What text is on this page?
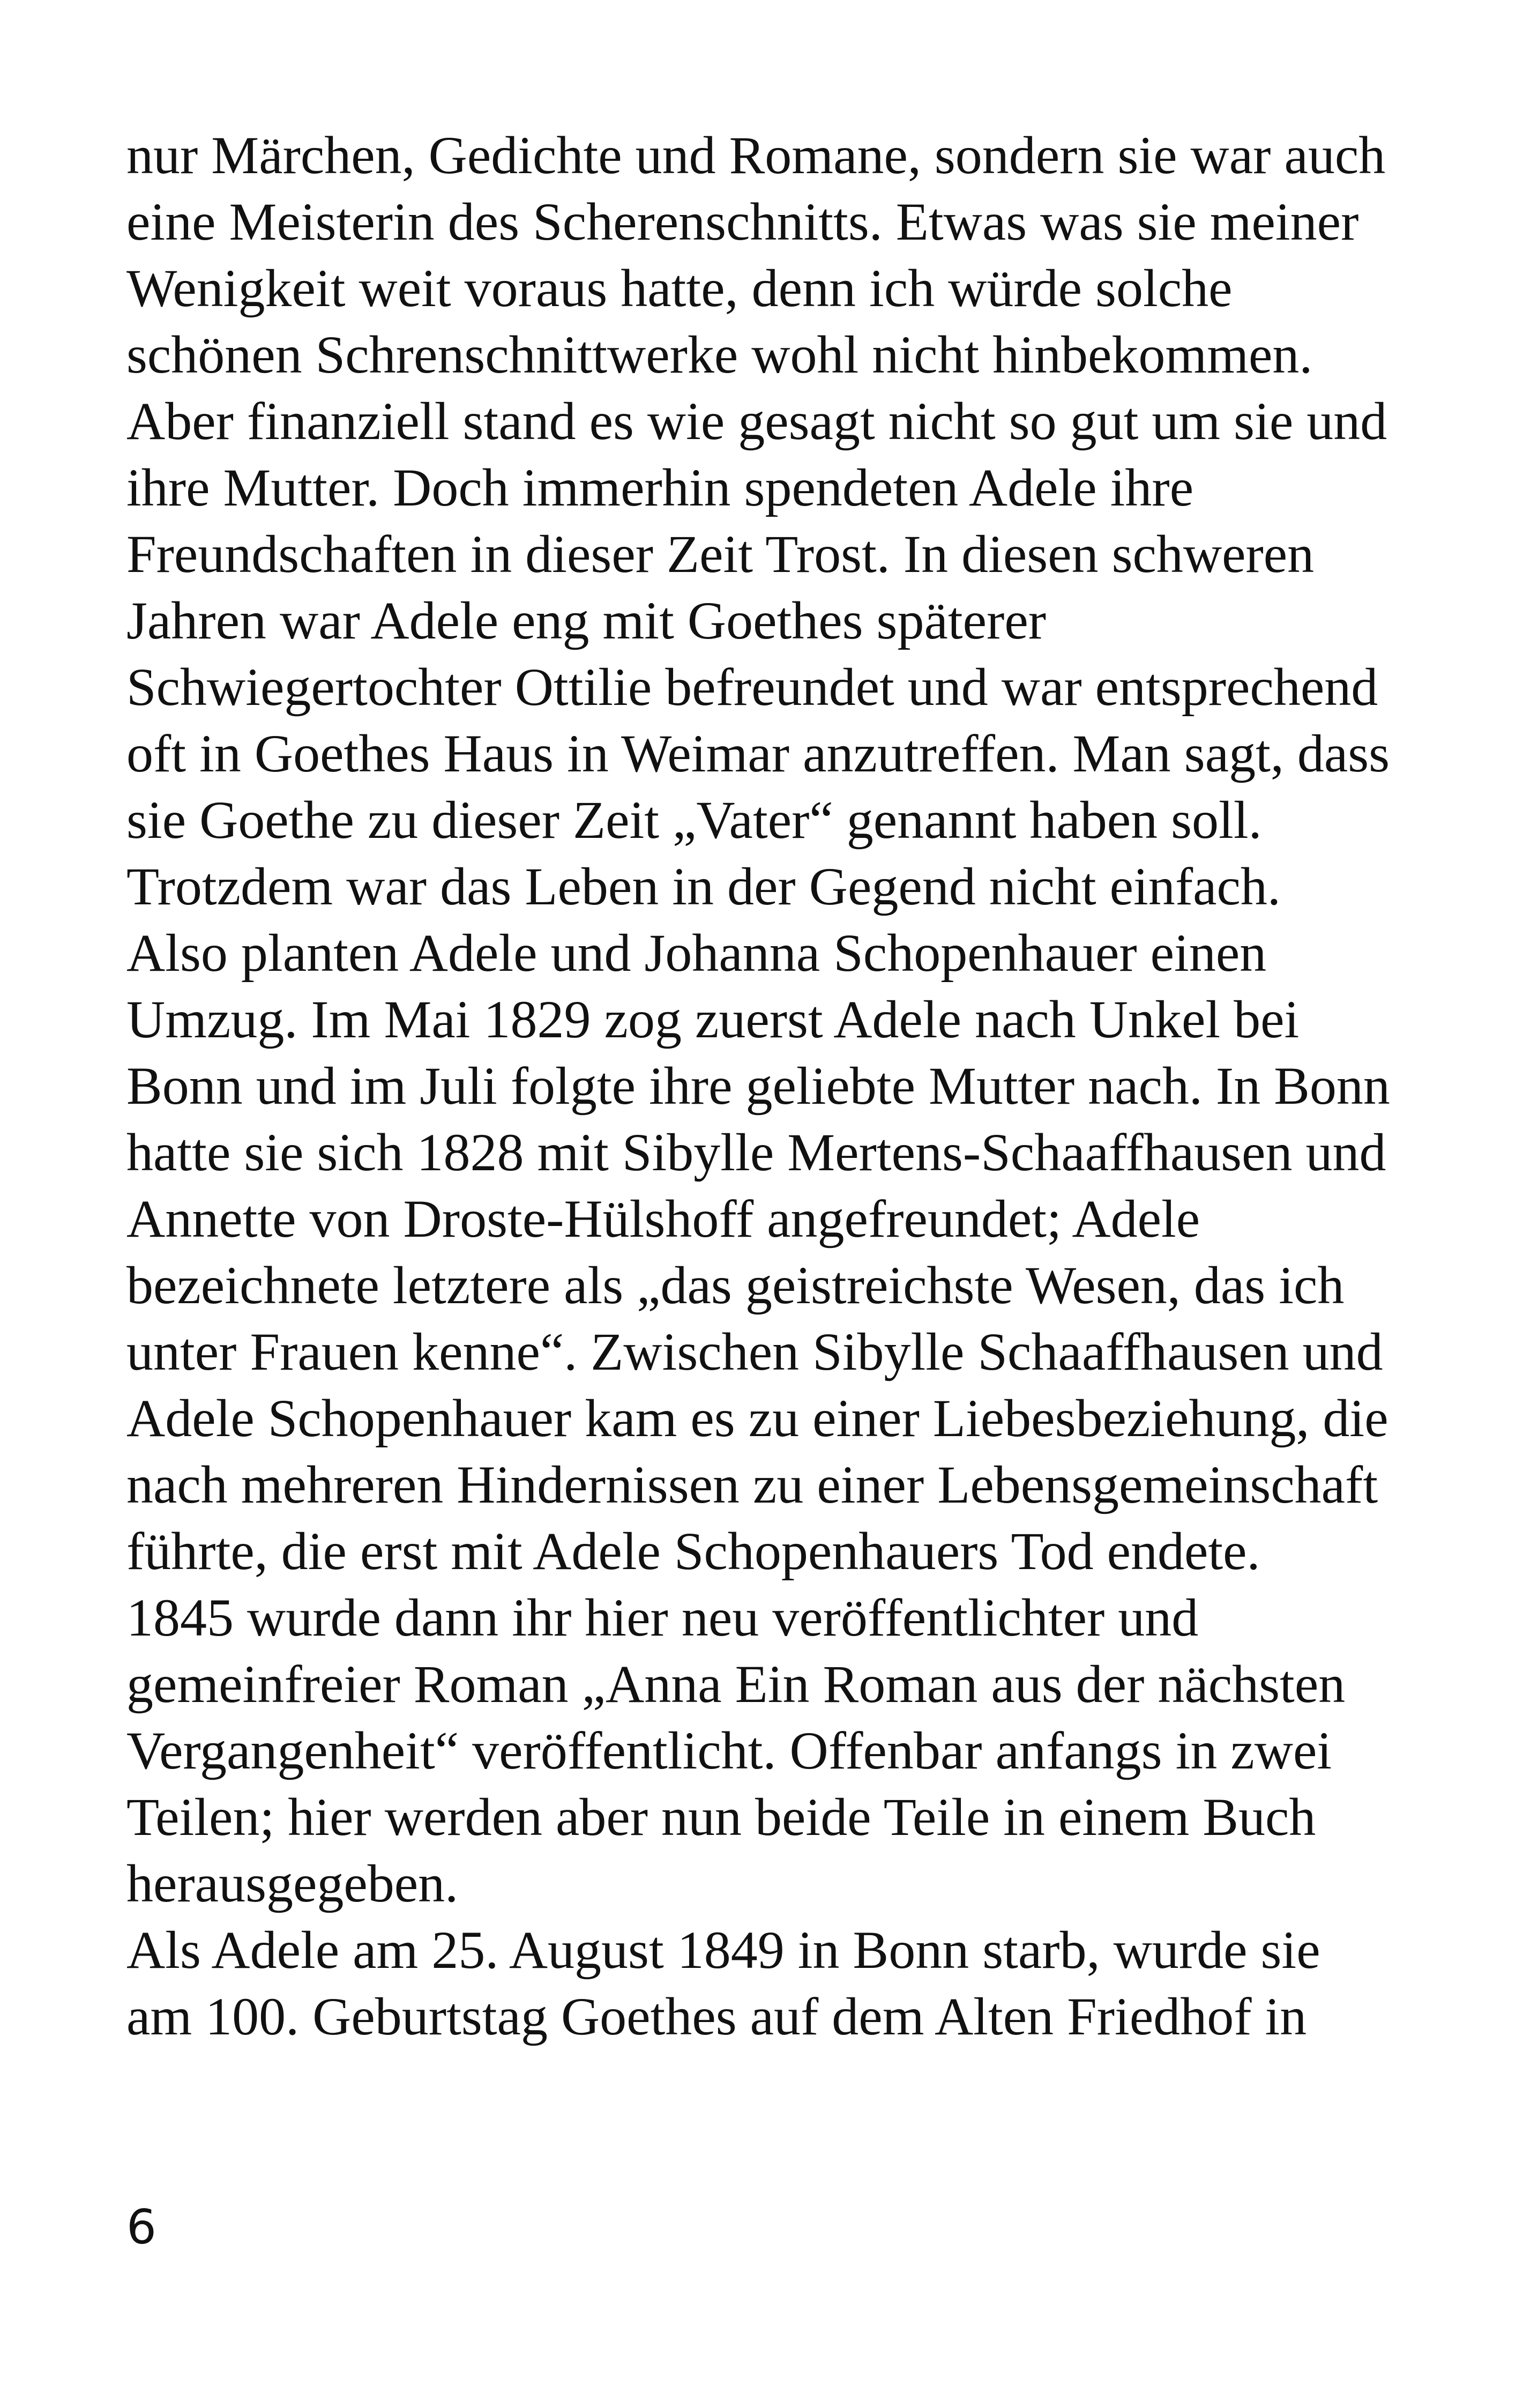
nur Märchen, Gedichte und Romane, sondern sie war auch
eine Meisterin des Scherenschnitts. Etwas was sie meiner
Wenigkeit weit voraus hatte, denn ich würde solche
schönen Schrenschnittwerke wohl nicht hinbekommen.
Aber finanziell stand es wie gesagt nicht so gut um sie und
ihre Mutter. Doch immerhin spendeten Adele ihre
Freundschaften in dieser Zeit Trost. In diesen schweren
Jahren war Adele eng mit Goethes späterer
Schwiegertochter Ottilie befreundet und war entsprechend
oft in Goethes Haus in Weimar anzutreffen. Man sagt, dass
sie Goethe zu dieser Zeit „Vater“ genannt haben soll.
Trotzdem war das Leben in der Gegend nicht einfach.
Also planten Adele und Johanna Schopenhauer einen
Umzug. Im Mai 1829 zog zuerst Adele nach Unkel bei
Bonn und im Juli folgte ihre geliebte Mutter nach. In Bonn
hatte sie sich 1828 mit Sibylle Mertens-Schaaffhausen und
Annette von Droste-Hülshoff angefreundet; Adele
bezeichnete letztere als „das geistreichste Wesen, das ich
unter Frauen kenne“. Zwischen Sibylle Schaaffhausen und
Adele Schopenhauer kam es zu einer Liebesbeziehung, die
nach mehreren Hindernissen zu einer Lebensgemeinschaft
führte, die erst mit Adele Schopenhauers Tod endete.
1845 wurde dann ihr hier neu veröffentlichter und
gemeinfreier Roman „Anna Ein Roman aus der nächsten
Vergangenheit“ veröffentlicht. Offenbar anfangs in zwei
Teilen; hier werden aber nun beide Teile in einem Buch
herausgegeben.
Als Adele am 25. August 1849 in Bonn starb, wurde sie
am 100. Geburtstag Goethes auf dem Alten Friedhof in
6
